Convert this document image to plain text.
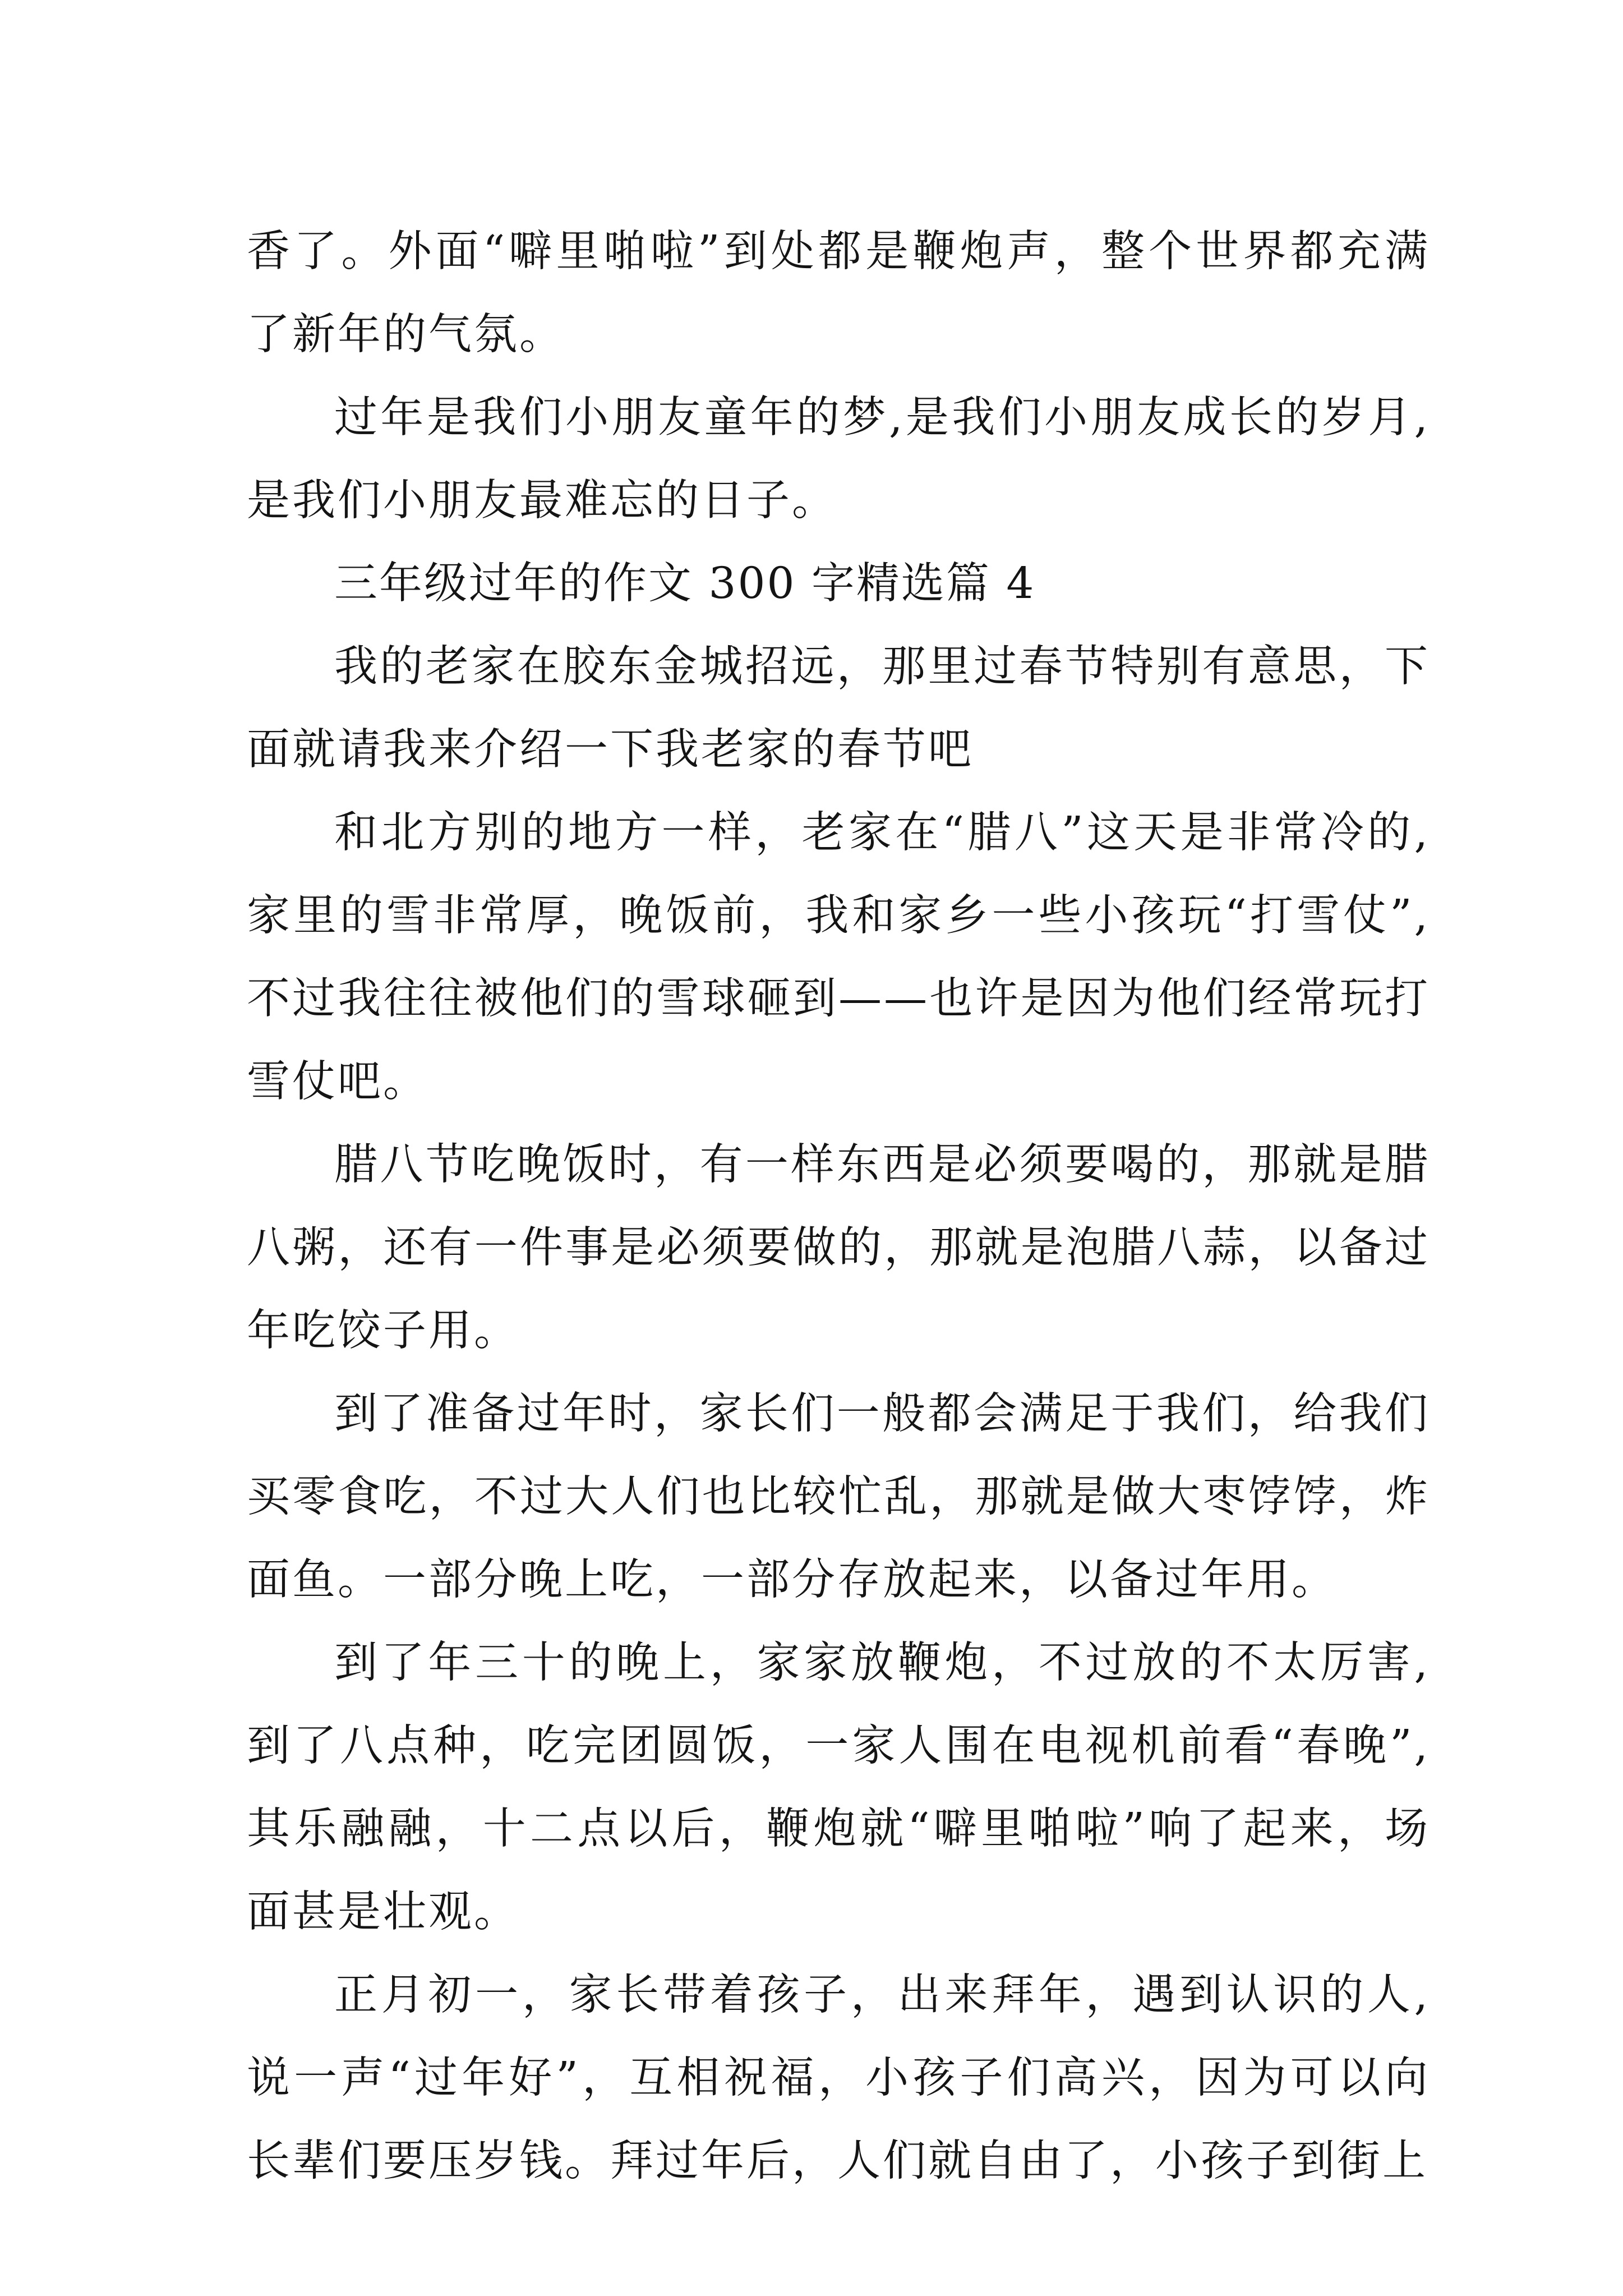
香了。外面“噼里啪啦”到处都是鞭炮声，整个世界都充满了新年的气氛。

过年是我们小朋友童年的梦,是我们小朋友成长的岁月,是我们小朋友最难忘的日子。

三年级过年的作文 300 字精选篇 4

我的老家在胶东金城招远，那里过春节特别有意思，下面就请我来介绍一下我老家的春节吧

和北方别的地方一样，老家在“腊八”这天是非常冷的,家里的雪非常厚，晚饭前，我和家乡一些小孩玩“打雪仗”,不过我往往被他们的雪球砸到——也许是因为他们经常玩打雪仗吧。

腊八节吃晚饭时，有一样东西是必须要喝的，那就是腊八粥，还有一件事是必须要做的，那就是泡腊八蒜，以备过年吃饺子用。

到了准备过年时，家长们一般都会满足于我们，给我们买零食吃，不过大人们也比较忙乱，那就是做大枣饽饽，炸面鱼。一部分晚上吃，一部分存放起来，以备过年用。

到了年三十的晚上，家家放鞭炮，不过放的不太厉害,到了八点种，吃完团圆饭，一家人围在电视机前看“春晚”,其乐融融，十二点以后，鞭炮就“噼里啪啦”响了起来，场面甚是壮观。

正月初一，家长带着孩子，出来拜年，遇到认识的人,说一声“过年好”，互相祝福，小孩子们高兴，因为可以向长辈们要压岁钱。拜过年后，人们就自由了，小孩子到街上
